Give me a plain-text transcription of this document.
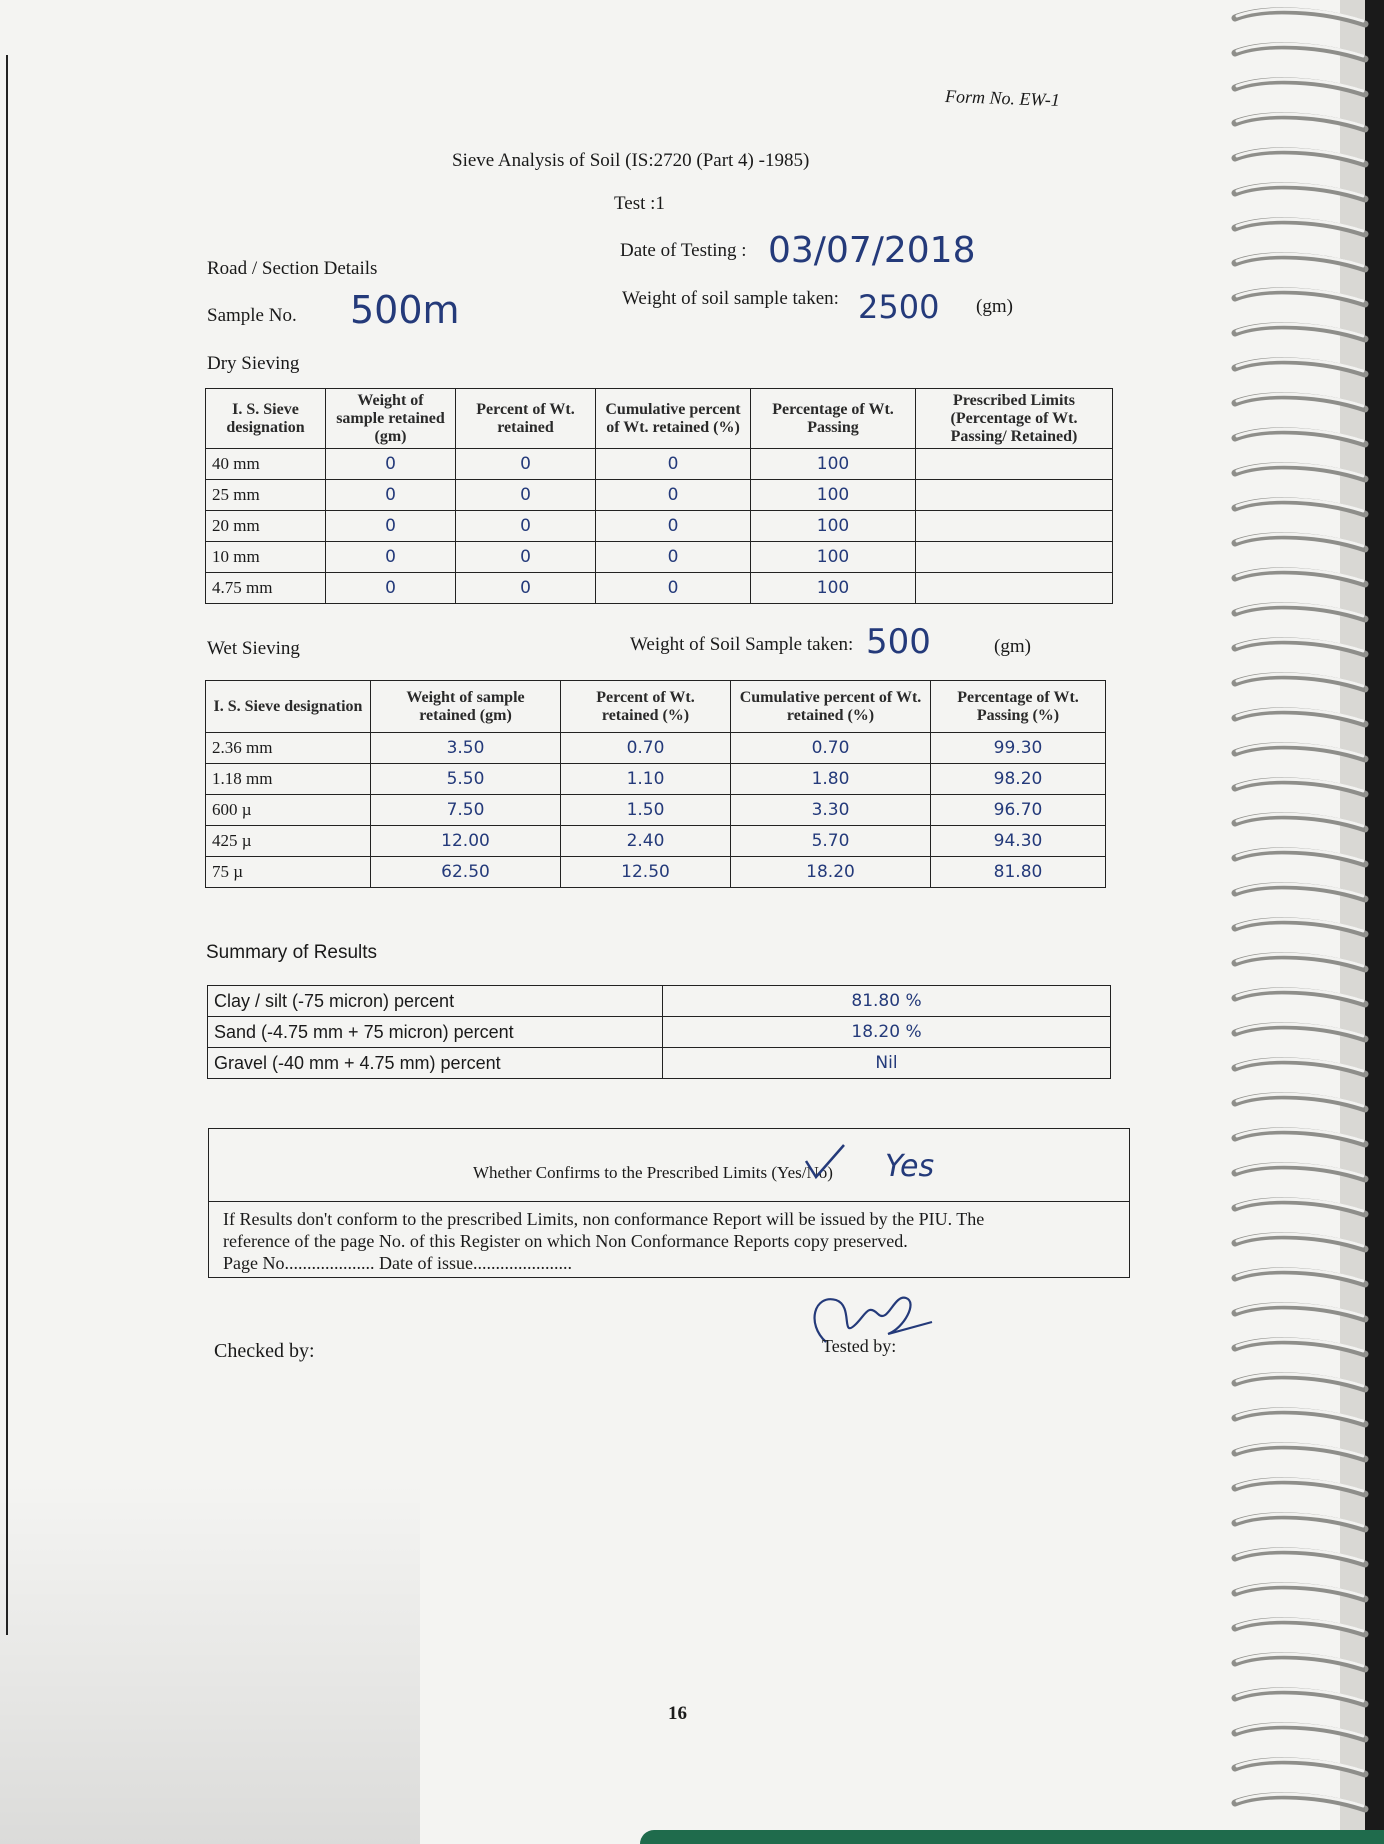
Form No. EW-1
Sieve Analysis of Soil (IS:2720 (Part 4) -1985)
Test :1
Road / Section Details
Date of Testing : 03/07/2018
Sample No. 500m	Weight of soil sample taken: 2500 (gm)
Dry Sieving
I. S. Sieve designation	Weight of sample retained (gm)	Percent of Wt. retained	Cumulative percent of Wt. retained (%)	Percentage of Wt. Passing	Prescribed Limits (Percentage of Wt. Passing/ Retained)
40 mm	0	0	0	100	
25 mm	0	0	0	100	
20 mm	0	0	0	100	
10 mm	0	0	0	100	
4.75 mm	0	0	0	100	
Wet Sieving	Weight of Soil Sample taken: 500	(gm)
I. S. Sieve designation	Weight of sample retained (gm)	Percent of Wt. retained (%)	Cumulative percent of Wt. retained (%)	Percentage of Wt. Passing (%)
2.36 mm	3.50	0.70	0.70	99.30
1.18 mm	5.50	1.10	1.80	98.20
600 µ	7.50	1.50	3.30	96.70
425 µ	12.00	2.40	5.70	94.30
75 µ	62.50	12.50	18.20	81.80
Summary of Results
Clay / silt (-75 micron) percent	81.80 %
Sand (-4.75 mm + 75 micron) percent	18.20 %
Gravel (-40 mm + 4.75 mm) percent	Nil
Whether Confirms to the Prescribed Limits (Yes/No) Yes
If Results don't conform to the prescribed Limits, non conformance Report will be issued by the PIU. The
reference of the page No. of this Register on which Non Conformance Reports copy preserved.
Page No.................... Date of issue......................
Checked by:	Tested by:
16
